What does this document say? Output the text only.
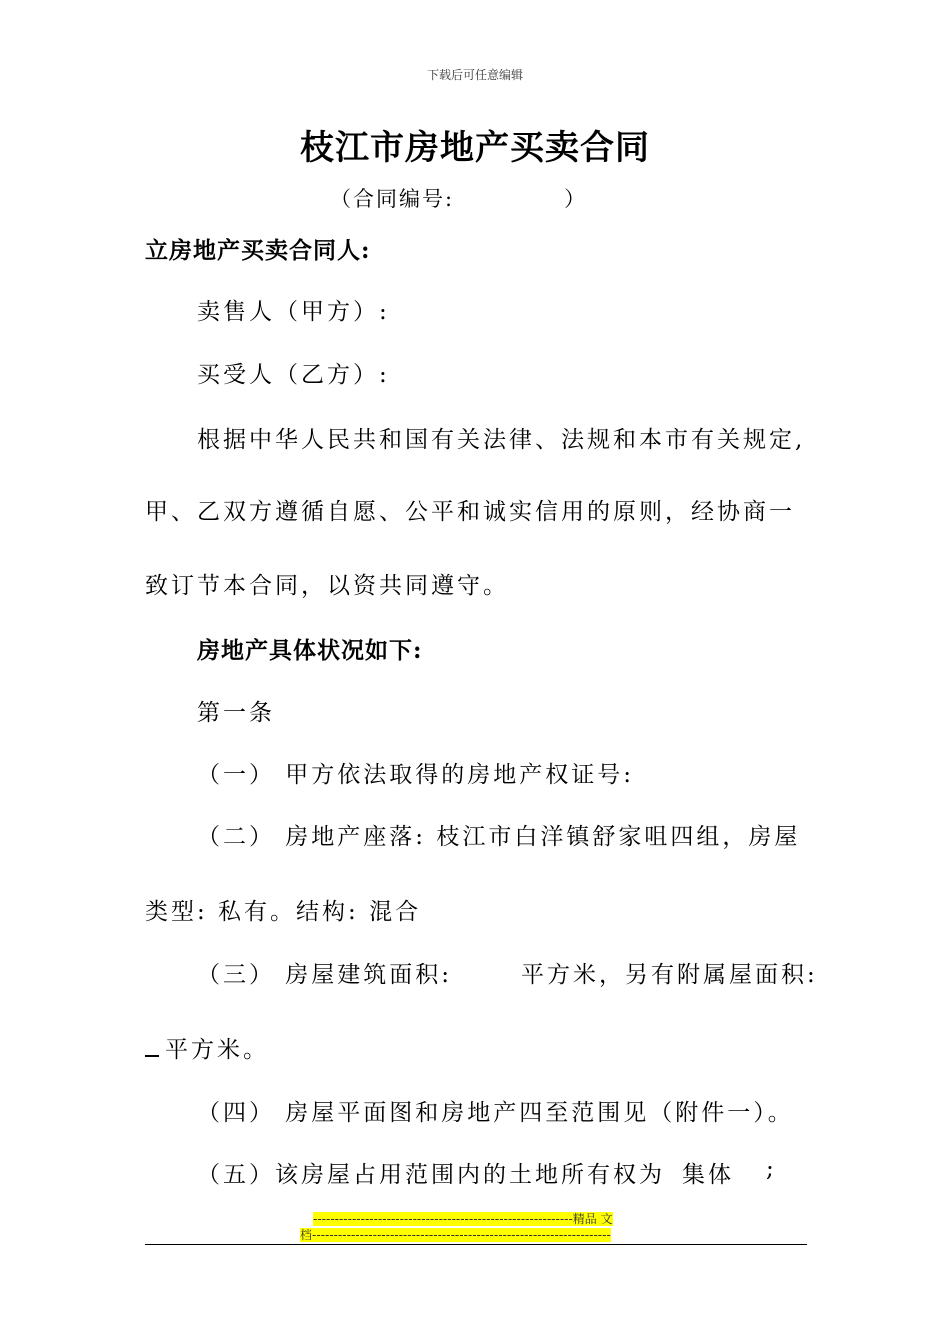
下载后可任意编辑
枝江市房地产买卖合同
（合同编号:	）
立房地产买卖合同人:
卖售人（甲方）:
买受人（乙方）:
根据中华人民共和国有关法律、法规和本市有关规定,
甲、乙双方遵循自愿、公平和诚实信用的原则，经协商一
致订节本合同，以资共同遵守。
房地产具体状况如下:
第一条
（一） 甲方依法取得的房地产权证号:
（二） 房地产座落: 枝江市白洋镇舒家咀四组，房屋
类型: 私有。结构: 混合
（三） 房屋建筑面积:	平方米，另有附属屋面积:
平方米。
（四） 房屋平面图和房地产四至范围见（附件一）。
（五）该房屋占用范围内的土地所有权为 集体 ;
------------------------------------------------------------精品 文
档---------------------------------------------------------------------
